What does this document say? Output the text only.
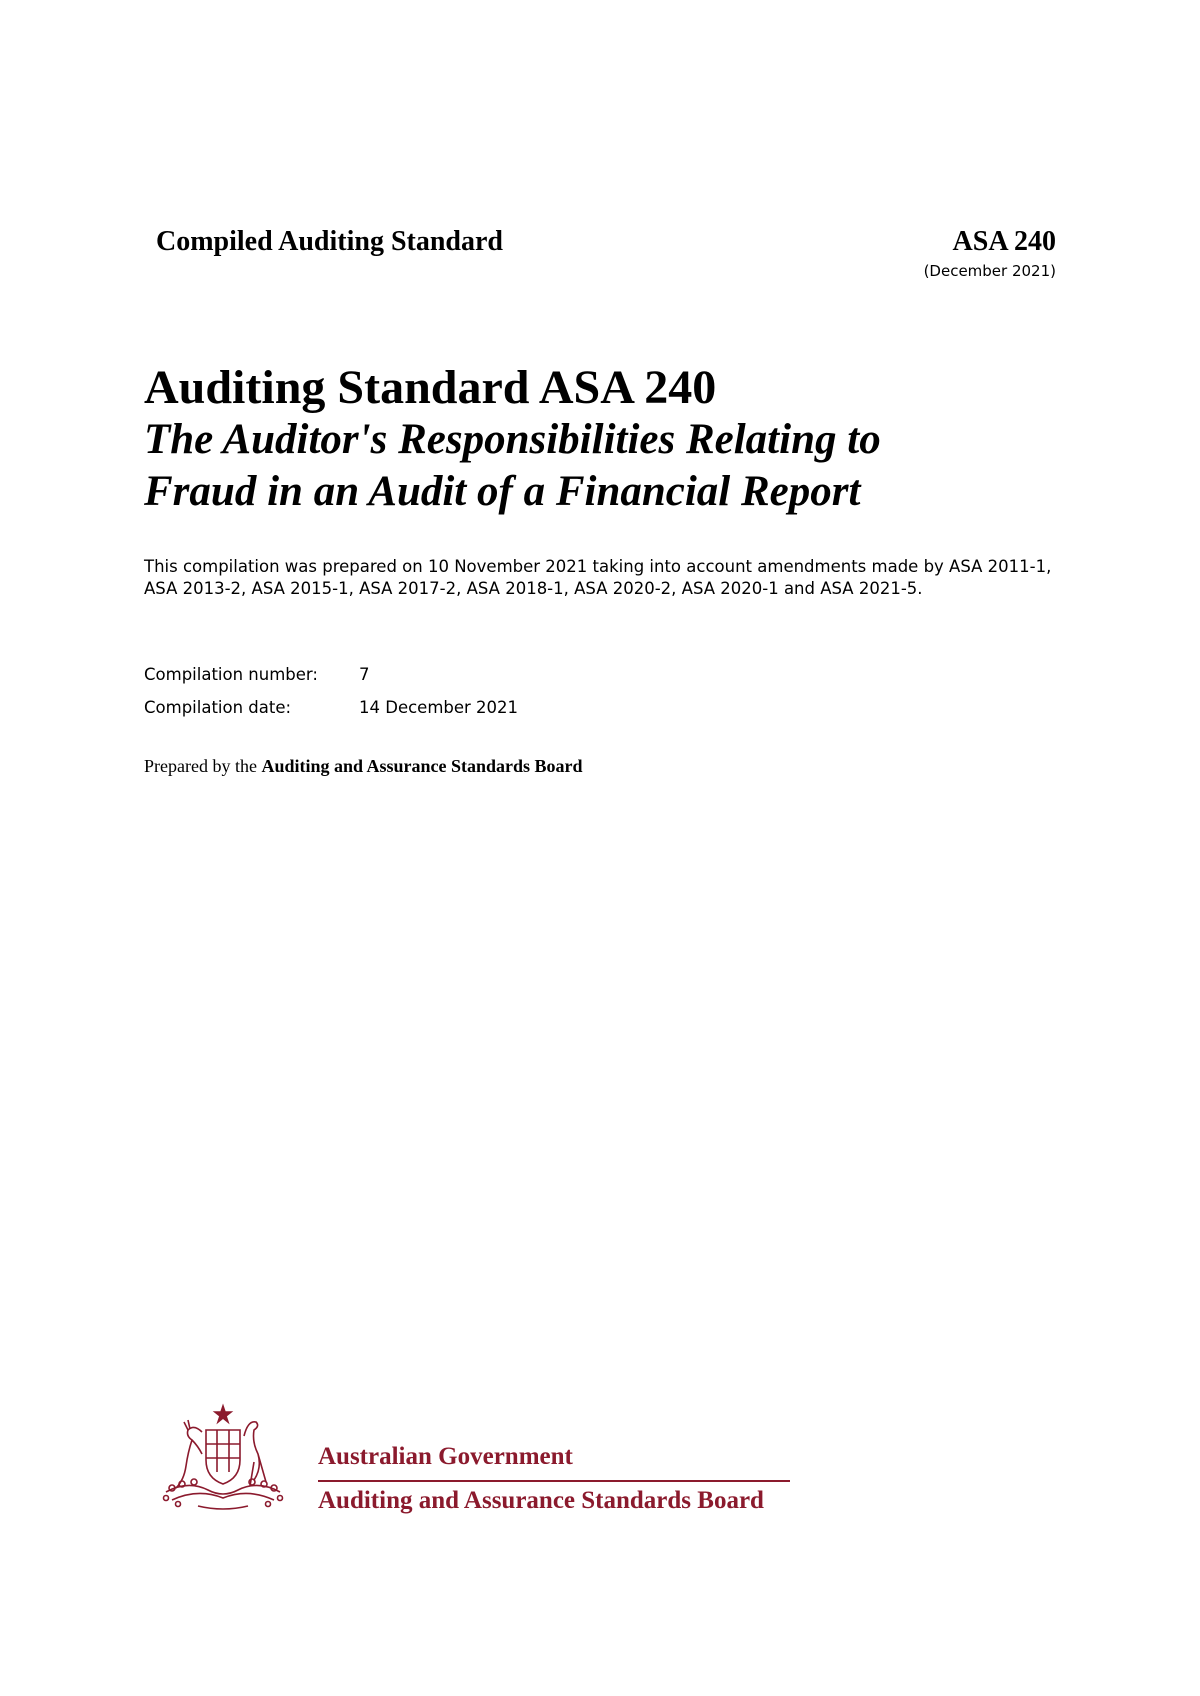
Compiled Auditing Standard	ASA 240
(December 2021)
Auditing Standard ASA 240
The Auditor's Responsibilities Relating to
Fraud in an Audit of a Financial Report
This compilation was prepared on 10 November 2021 taking into account amendments made by ASA 2011-1, ASA 2013-2, ASA 2015-1, ASA 2017-2, ASA 2018-1, ASA 2020-2, ASA 2020-1 and ASA 2021-5.
Compilation number: 7
Compilation date:	14 December 2021
Prepared by the Auditing and Assurance Standards Board
Australian Government
Auditing and Assurance Standards Board
